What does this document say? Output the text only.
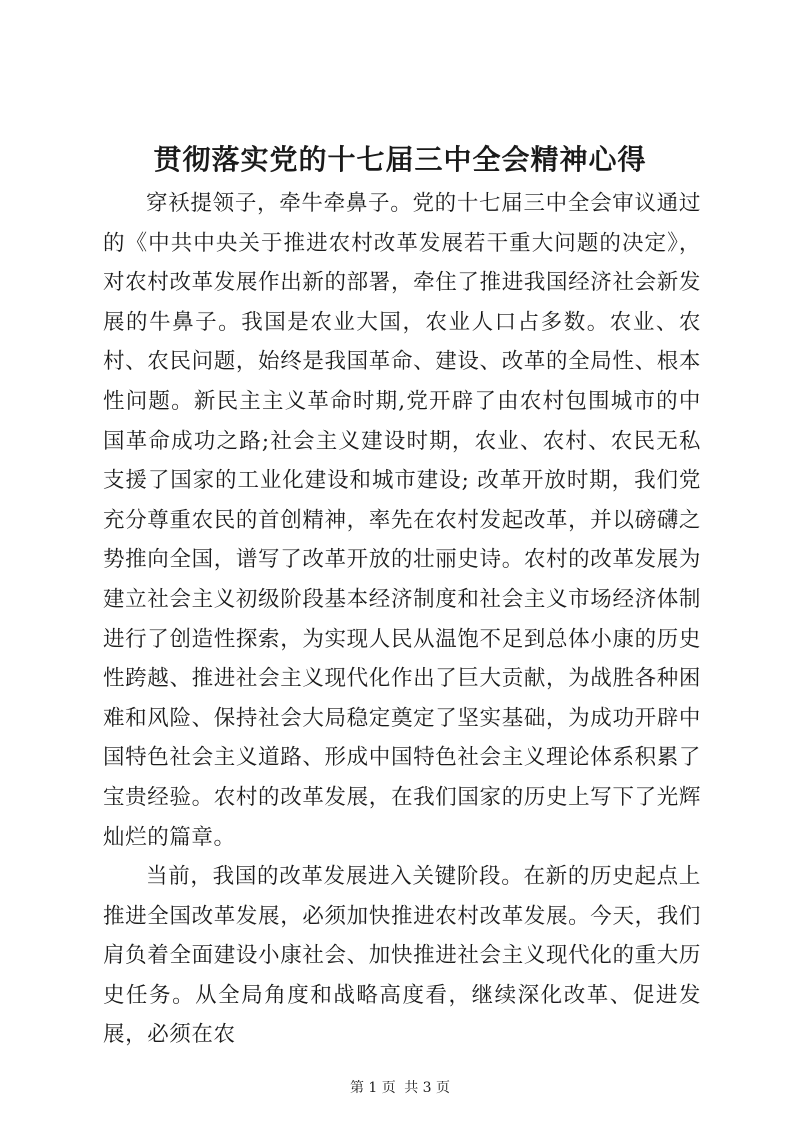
贯彻落实党的十七届三中全会精神心得

穿袄提领子，牵牛牵鼻子。党的十七届三中全会审议通过的《中共中央关于推进农村改革发展若干重大问题的决定》，对农村改革发展作出新的部署，牵住了推进我国经济社会新发展的牛鼻子。我国是农业大国，农业人口占多数。农业、农村、农民问题，始终是我国革命、建设、改革的全局性、根本性问题。新民主主义革命时期,党开辟了由农村包围城市的中国革命成功之路;社会主义建设时期，农业、农村、农民无私支援了国家的工业化建设和城市建设; 改革开放时期，我们党充分尊重农民的首创精神，率先在农村发起改革，并以磅礴之势推向全国，谱写了改革开放的壮丽史诗。农村的改革发展为建立社会主义初级阶段基本经济制度和社会主义市场经济体制进行了创造性探索，为实现人民从温饱不足到总体小康的历史性跨越、推进社会主义现代化作出了巨大贡献，为战胜各种困难和风险、保持社会大局稳定奠定了坚实基础，为成功开辟中国特色社会主义道路、形成中国特色社会主义理论体系积累了宝贵经验。农村的改革发展，在我们国家的历史上写下了光辉灿烂的篇章。

当前，我国的改革发展进入关键阶段。在新的历史起点上推进全国改革发展，必须加快推进农村改革发展。今天，我们肩负着全面建设小康社会、加快推进社会主义现代化的重大历史任务。从全局角度和战略高度看，继续深化改革、促进发展，必须在农

第 1 页 共 3 页
